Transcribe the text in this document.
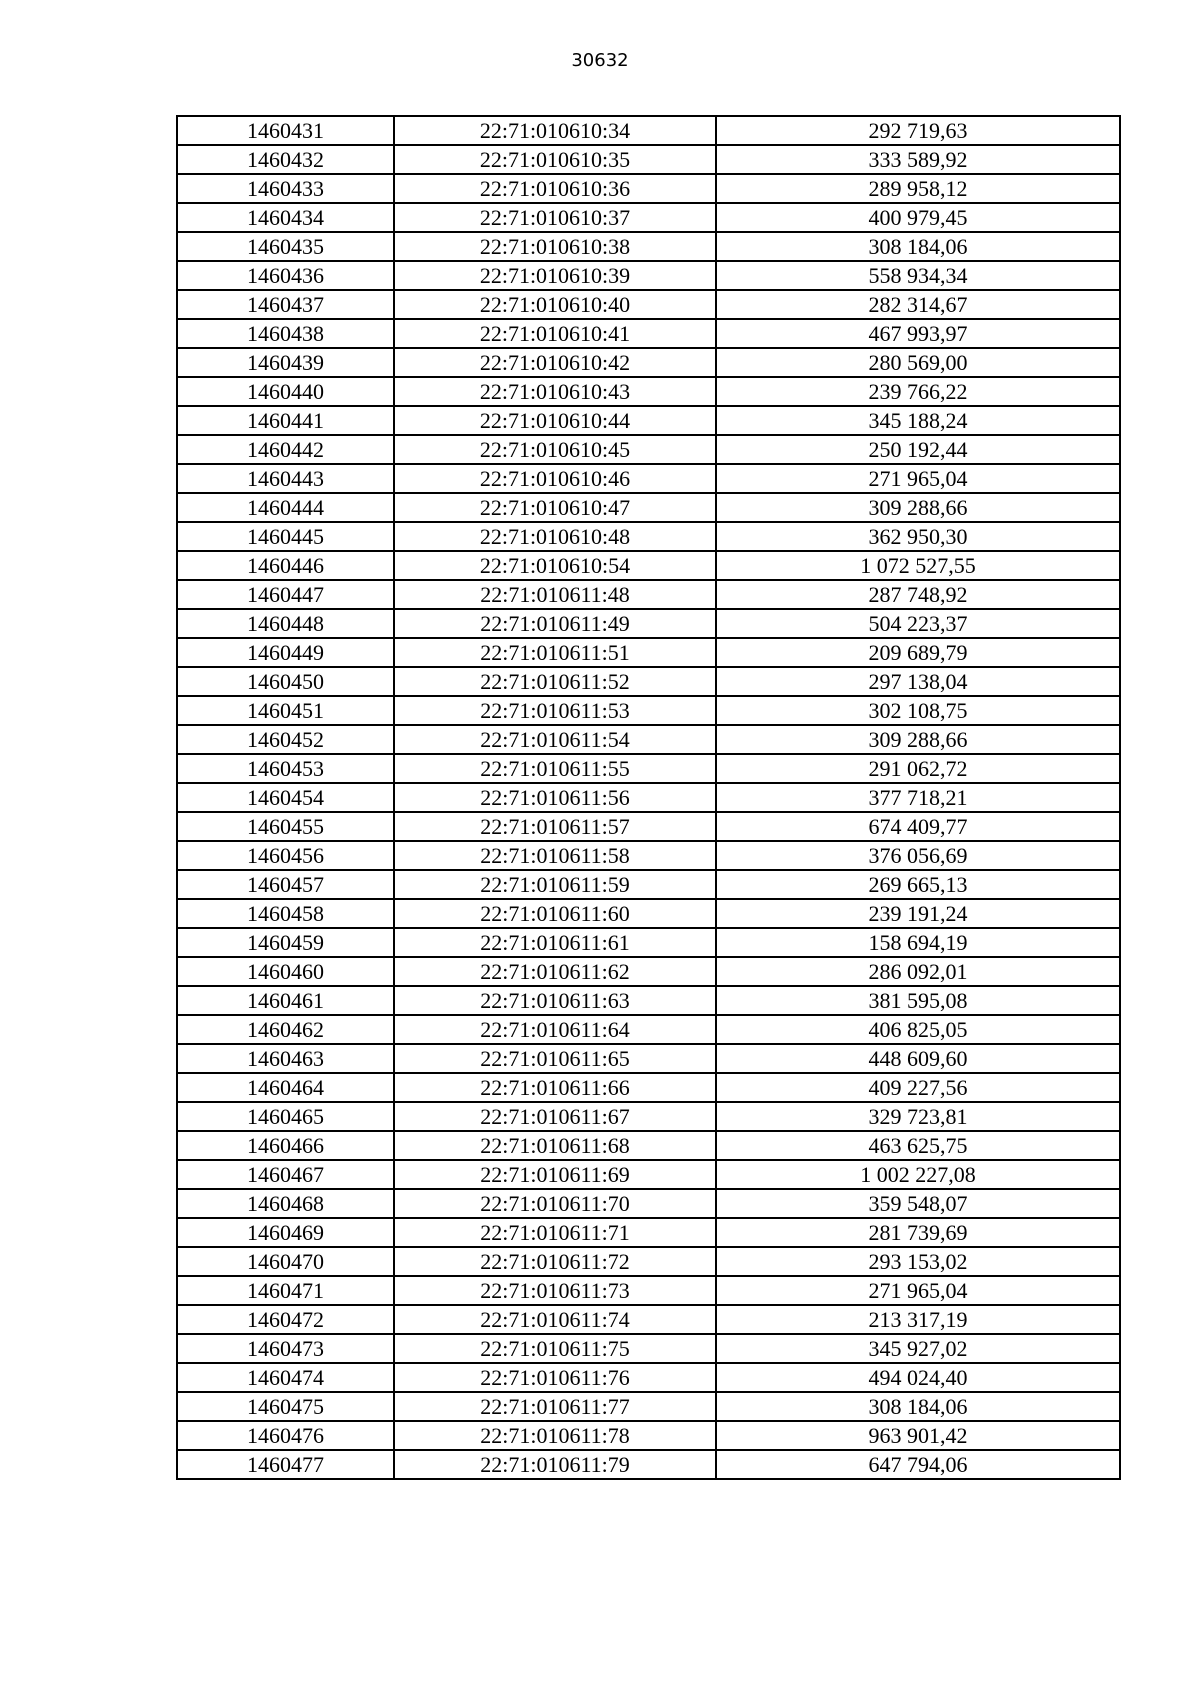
30632
1460431	22:71:010610:34	292 719,63
1460432	22:71:010610:35	333 589,92
1460433	22:71:010610:36	289 958,12
1460434	22:71:010610:37	400 979,45
1460435	22:71:010610:38	308 184,06
1460436	22:71:010610:39	558 934,34
1460437	22:71:010610:40	282 314,67
1460438	22:71:010610:41	467 993,97
1460439	22:71:010610:42	280 569,00
1460440	22:71:010610:43	239 766,22
1460441	22:71:010610:44	345 188,24
1460442	22:71:010610:45	250 192,44
1460443	22:71:010610:46	271 965,04
1460444	22:71:010610:47	309 288,66
1460445	22:71:010610:48	362 950,30
1460446	22:71:010610:54	1 072 527,55
1460447	22:71:010611:48	287 748,92
1460448	22:71:010611:49	504 223,37
1460449	22:71:010611:51	209 689,79
1460450	22:71:010611:52	297 138,04
1460451	22:71:010611:53	302 108,75
1460452	22:71:010611:54	309 288,66
1460453	22:71:010611:55	291 062,72
1460454	22:71:010611:56	377 718,21
1460455	22:71:010611:57	674 409,77
1460456	22:71:010611:58	376 056,69
1460457	22:71:010611:59	269 665,13
1460458	22:71:010611:60	239 191,24
1460459	22:71:010611:61	158 694,19
1460460	22:71:010611:62	286 092,01
1460461	22:71:010611:63	381 595,08
1460462	22:71:010611:64	406 825,05
1460463	22:71:010611:65	448 609,60
1460464	22:71:010611:66	409 227,56
1460465	22:71:010611:67	329 723,81
1460466	22:71:010611:68	463 625,75
1460467	22:71:010611:69	1 002 227,08
1460468	22:71:010611:70	359 548,07
1460469	22:71:010611:71	281 739,69
1460470	22:71:010611:72	293 153,02
1460471	22:71:010611:73	271 965,04
1460472	22:71:010611:74	213 317,19
1460473	22:71:010611:75	345 927,02
1460474	22:71:010611:76	494 024,40
1460475	22:71:010611:77	308 184,06
1460476	22:71:010611:78	963 901,42
1460477	22:71:010611:79	647 794,06
